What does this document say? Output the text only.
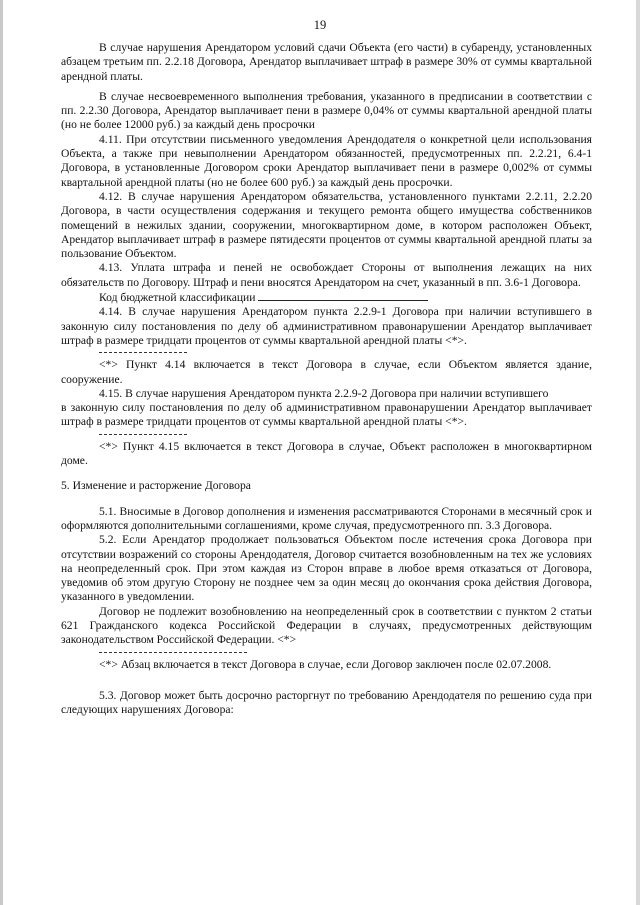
19

В случае нарушения Арендатором условий сдачи Объекта (его части) в субаренду, установленных абзацем третьим пп. 2.2.18 Договора, Арендатор выплачивает штраф в размере 30% от суммы квартальной арендной платы.

В случае несвоевременного выполнения требования, указанного в предписании в соответствии с пп. 2.2.30 Договора, Арендатор выплачивает пени в размере 0,04% от суммы квартальной арендной платы (но не более 12000 руб.) за каждый день просрочки

4.11. При отсутствии письменного уведомления Арендодателя о конкретной цели использования Объекта, а также при невыполнении Арендатором обязанностей, предусмотренных пп. 2.2.21, 6.4-1 Договора, в установленные Договором сроки Арендатор выплачивает пени в размере 0,002% от суммы квартальной арендной платы (но не более 600 руб.) за каждый день просрочки.

4.12. В случае нарушения Арендатором обязательства, установленного пунктами 2.2.11, 2.2.20 Договора, в части осуществления содержания и текущего ремонта общего имущества собственников помещений в нежилых здании, сооружении, многоквартирном доме, в котором расположен Объект, Арендатор выплачивает штраф в размере пятидесяти процентов от суммы квартальной арендной платы за пользование Объектом.

4.13. Уплата штрафа и пеней не освобождает Стороны от выполнения лежащих на них обязательств по Договору. Штраф и пени вносятся Арендатором на счет, указанный в пп. 3.6-1 Договора.

Код бюджетной классификации

4.14. В случае нарушения Арендатором пункта 2.2.9-1 Договора при наличии вступившего в законную силу постановления по делу об административном правонарушении Арендатор выплачивает штраф в размере тридцати процентов от суммы квартальной арендной платы <*>.

<*> Пункт 4.14 включается в текст Договора в случае, если Объектом является здание, сооружение.

4.15. В случае нарушения Арендатором пункта 2.2.9-2 Договора при наличии вступившего

в законную силу постановления по делу об административном правонарушении Арендатор выплачивает штраф в размере тридцати процентов от суммы квартальной арендной платы <*>.

<*> Пункт 4.15 включается в текст Договора в случае, Объект расположен в многоквартирном доме.

5. Изменение и расторжение Договора

5.1. Вносимые в Договор дополнения и изменения рассматриваются Сторонами в месячный срок и оформляются дополнительными соглашениями, кроме случая, предусмотренного пп. 3.3 Договора.

5.2. Если Арендатор продолжает пользоваться Объектом после истечения срока Договора при отсутствии возражений со стороны Арендодателя, Договор считается возобновленным на тех же условиях на неопределенный срок. При этом каждая из Сторон вправе в любое время отказаться от Договора, уведомив об этом другую Сторону не позднее чем за один месяц до окончания срока действия Договора, указанного в уведомлении.

Договор не подлежит возобновлению на неопределенный срок в соответствии с пунктом 2 статьи 621 Гражданского кодекса Российской Федерации в случаях, предусмотренных действующим законодательством Российской Федерации. <*>

<*> Абзац включается в текст Договора в случае, если Договор заключен после 02.07.2008.

5.3. Договор может быть досрочно расторгнут по требованию Арендодателя по решению суда при следующих нарушениях Договора:
